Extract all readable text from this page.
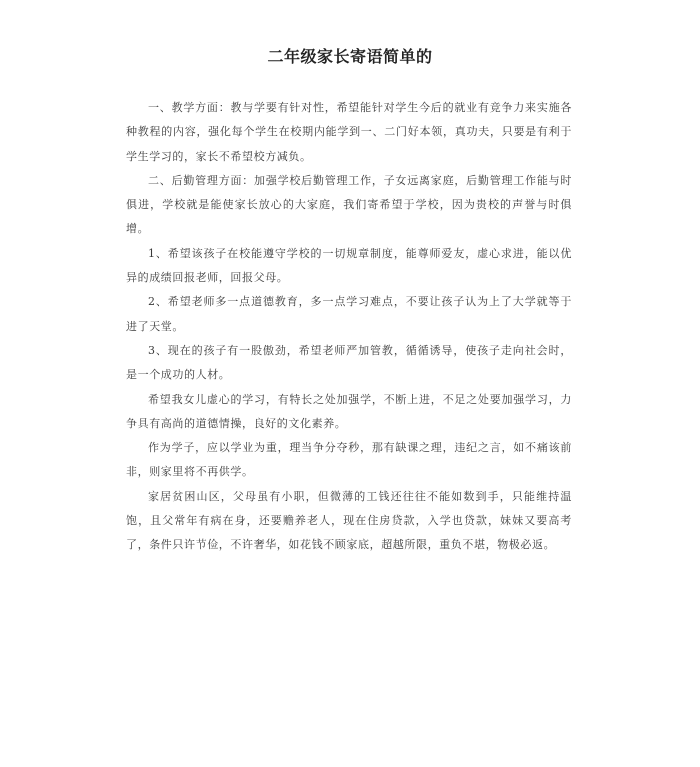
二年级家长寄语简单的

一、教学方面：教与学要有针对性，希望能针对学生今后的就业有竞争力来实施各种教程的内容，强化每个学生在校期内能学到一、二门好本领，真功夫，只要是有利于学生学习的，家长不希望校方减负。

二、后勤管理方面：加强学校后勤管理工作，子女远离家庭，后勤管理工作能与时俱进，学校就是能使家长放心的大家庭，我们寄希望于学校，因为贵校的声誉与时俱增。

1、希望该孩子在校能遵守学校的一切规章制度，能尊师爱友，虚心求进，能以优异的成绩回报老师，回报父母。

2、希望老师多一点道德教育，多一点学习难点，不要让孩子认为上了大学就等于进了天堂。

3、现在的孩子有一股傲劲，希望老师严加管教，循循诱导，使孩子走向社会时，是一个成功的人材。

希望我女儿虚心的学习，有特长之处加强学，不断上进，不足之处要加强学习，力争具有高尚的道德情操，良好的文化素养。

作为学子，应以学业为重，理当争分夺秒，那有缺课之理，违纪之言，如不痛该前非，则家里将不再供学。

家居贫困山区，父母虽有小职，但微薄的工钱还往往不能如数到手，只能维持温饱，且父常年有病在身，还要赡养老人，现在住房贷款，入学也贷款，妹妹又要高考了，条件只许节俭，不许奢华，如花钱不顾家底，超越所限，重负不堪，物极必返。
